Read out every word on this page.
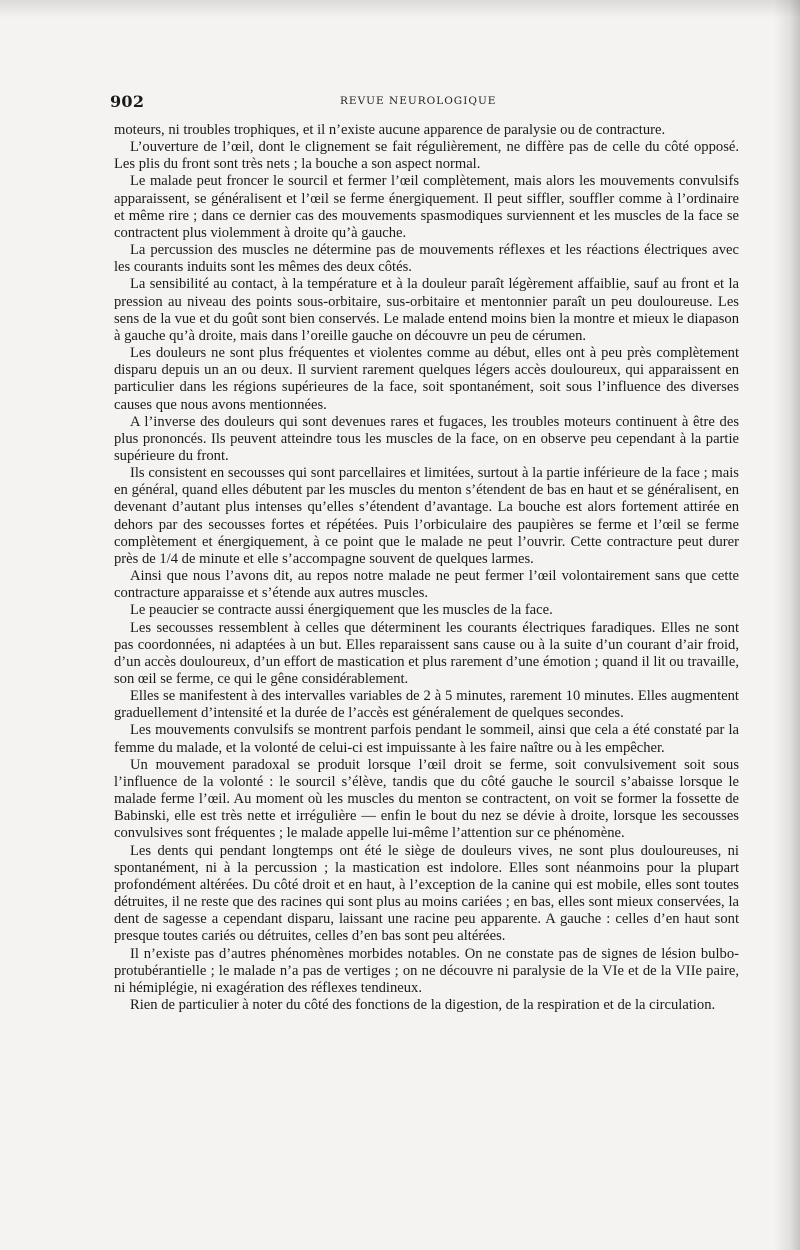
902	REVUE NEUROLOGIQUE

moteurs, ni troubles trophiques, et il n’existe aucune apparence de paralysie ou de contracture.

L’ouverture de l’œil, dont le clignement se fait régulièrement, ne diffère pas de celle du côté opposé. Les plis du front sont très nets ; la bouche a son aspect normal.

Le malade peut froncer le sourcil et fermer l’œil complètement, mais alors les mouvements convulsifs apparaissent, se généralisent et l’œil se ferme énergiquement. Il peut siffler, souffler comme à l’ordinaire et même rire ; dans ce dernier cas des mouvements spasmodiques surviennent et les muscles de la face se contractent plus violemment à droite qu’à gauche.

La percussion des muscles ne détermine pas de mouvements réflexes et les réactions électriques avec les courants induits sont les mêmes des deux côtés.

La sensibilité au contact, à la température et à la douleur paraît légèrement affaiblie, sauf au front et la pression au niveau des points sous-orbitaire, sus-orbitaire et mentonnier paraît un peu douloureuse. Les sens de la vue et du goût sont bien conservés. Le malade entend moins bien la montre et mieux le diapason à gauche qu’à droite, mais dans l’oreille gauche on découvre un peu de cérumen.

Les douleurs ne sont plus fréquentes et violentes comme au début, elles ont à peu près complètement disparu depuis un an ou deux. Il survient rarement quelques légers accès douloureux, qui apparaissent en particulier dans les régions supérieures de la face, soit spontanément, soit sous l’influence des diverses causes que nous avons mentionnées.

A l’inverse des douleurs qui sont devenues rares et fugaces, les troubles moteurs continuent à être des plus prononcés. Ils peuvent atteindre tous les muscles de la face, on en observe peu cependant à la partie supérieure du front.

Ils consistent en secousses qui sont parcellaires et limitées, surtout à la partie inférieure de la face ; mais en général, quand elles débutent par les muscles du menton s’étendent de bas en haut et se généralisent, en devenant d’autant plus intenses qu’elles s’étendent d’avantage. La bouche est alors fortement attirée en dehors par des secousses fortes et répétées. Puis l’orbiculaire des paupières se ferme et l’œil se ferme complètement et énergiquement, à ce point que le malade ne peut l’ouvrir. Cette contracture peut durer près de 1/4 de minute et elle s’accompagne souvent de quelques larmes.

Ainsi que nous l’avons dit, au repos notre malade ne peut fermer l’œil volontairement sans que cette contracture apparaisse et s’étende aux autres muscles.

Le peaucier se contracte aussi énergiquement que les muscles de la face.

Les secousses ressemblent à celles que déterminent les courants électriques faradiques. Elles ne sont pas coordonnées, ni adaptées à un but. Elles reparaissent sans cause ou à la suite d’un courant d’air froid, d’un accès douloureux, d’un effort de mastication et plus rarement d’une émotion ; quand il lit ou travaille, son œil se ferme, ce qui le gêne considérablement.

Elles se manifestent à des intervalles variables de 2 à 5 minutes, rarement 10 minutes. Elles augmentent graduellement d’intensité et la durée de l’accès est généralement de quelques secondes.

Les mouvements convulsifs se montrent parfois pendant le sommeil, ainsi que cela a été constaté par la femme du malade, et la volonté de celui-ci est impuissante à les faire naître ou à les empêcher.

Un mouvement paradoxal se produit lorsque l’œil droit se ferme, soit convulsivement soit sous l’influence de la volonté : le sourcil s’élève, tandis que du côté gauche le sourcil s’abaisse lorsque le malade ferme l’œil. Au moment où les muscles du menton se contractent, on voit se former la fossette de Babinski, elle est très nette et irrégulière — enfin le bout du nez se dévie à droite, lorsque les secousses convulsives sont fréquentes ; le malade appelle lui-même l’attention sur ce phénomène.

Les dents qui pendant longtemps ont été le siège de douleurs vives, ne sont plus douloureuses, ni spontanément, ni à la percussion ; la mastication est indolore. Elles sont néanmoins pour la plupart profondément altérées. Du côté droit et en haut, à l’exception de la canine qui est mobile, elles sont toutes détruites, il ne reste que des racines qui sont plus au moins cariées ; en bas, elles sont mieux conservées, la dent de sagesse a cependant disparu, laissant une racine peu apparente. A gauche : celles d’en haut sont presque toutes cariés ou détruites, celles d’en bas sont peu altérées.

Il n’existe pas d’autres phénomènes morbides notables. On ne constate pas de signes de lésion bulbo-protubérantielle ; le malade n’a pas de vertiges ; on ne découvre ni paralysie de la VIe et de la VIIe paire, ni hémiplégie, ni exagération des réflexes tendineux.

Rien de particulier à noter du côté des fonctions de la digestion, de la respiration et de la circulation.
